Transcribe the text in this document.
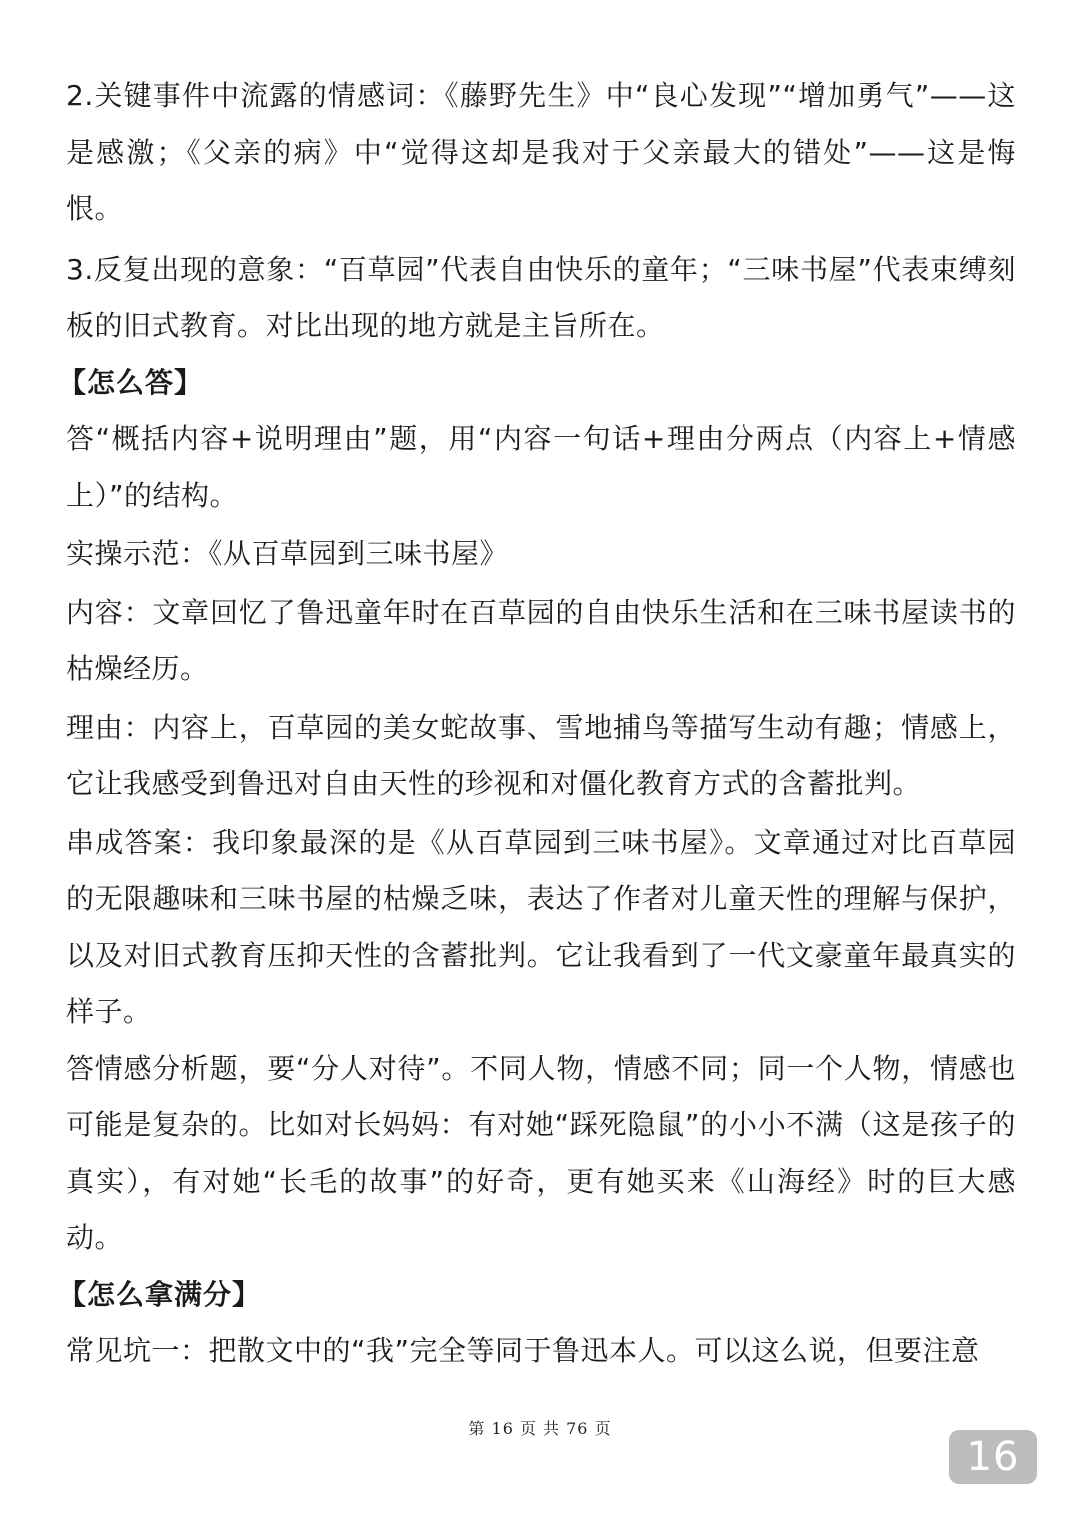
2.关键事件中流露的情感词：《藤野先生》中“良心发现”“增加勇气”——这是感激；《父亲的病》中“觉得这却是我对于父亲最大的错处”——这是悔恨。

3.反复出现的意象：“百草园”代表自由快乐的童年；“三味书屋”代表束缚刻板的旧式教育。对比出现的地方就是主旨所在。

【怎么答】

答“概括内容+说明理由”题，用“内容一句话+理由分两点（内容上+情感上）”的结构。

实操示范：《从百草园到三味书屋》

内容：文章回忆了鲁迅童年时在百草园的自由快乐生活和在三味书屋读书的枯燥经历。

理由：内容上，百草园的美女蛇故事、雪地捕鸟等描写生动有趣；情感上，它让我感受到鲁迅对自由天性的珍视和对僵化教育方式的含蓄批判。

串成答案：我印象最深的是《从百草园到三味书屋》。文章通过对比百草园的无限趣味和三味书屋的枯燥乏味，表达了作者对儿童天性的理解与保护，以及对旧式教育压抑天性的含蓄批判。它让我看到了一代文豪童年最真实的样子。

答情感分析题，要“分人对待”。不同人物，情感不同；同一个人物，情感也可能是复杂的。比如对长妈妈：有对她“踩死隐鼠”的小小不满（这是孩子的真实），有对她“长毛的故事”的好奇，更有她买来《山海经》时的巨大感动。

【怎么拿满分】

常见坑一：把散文中的“我”完全等同于鲁迅本人。可以这么说，但要注意

第 16 页 共 76 页
16
